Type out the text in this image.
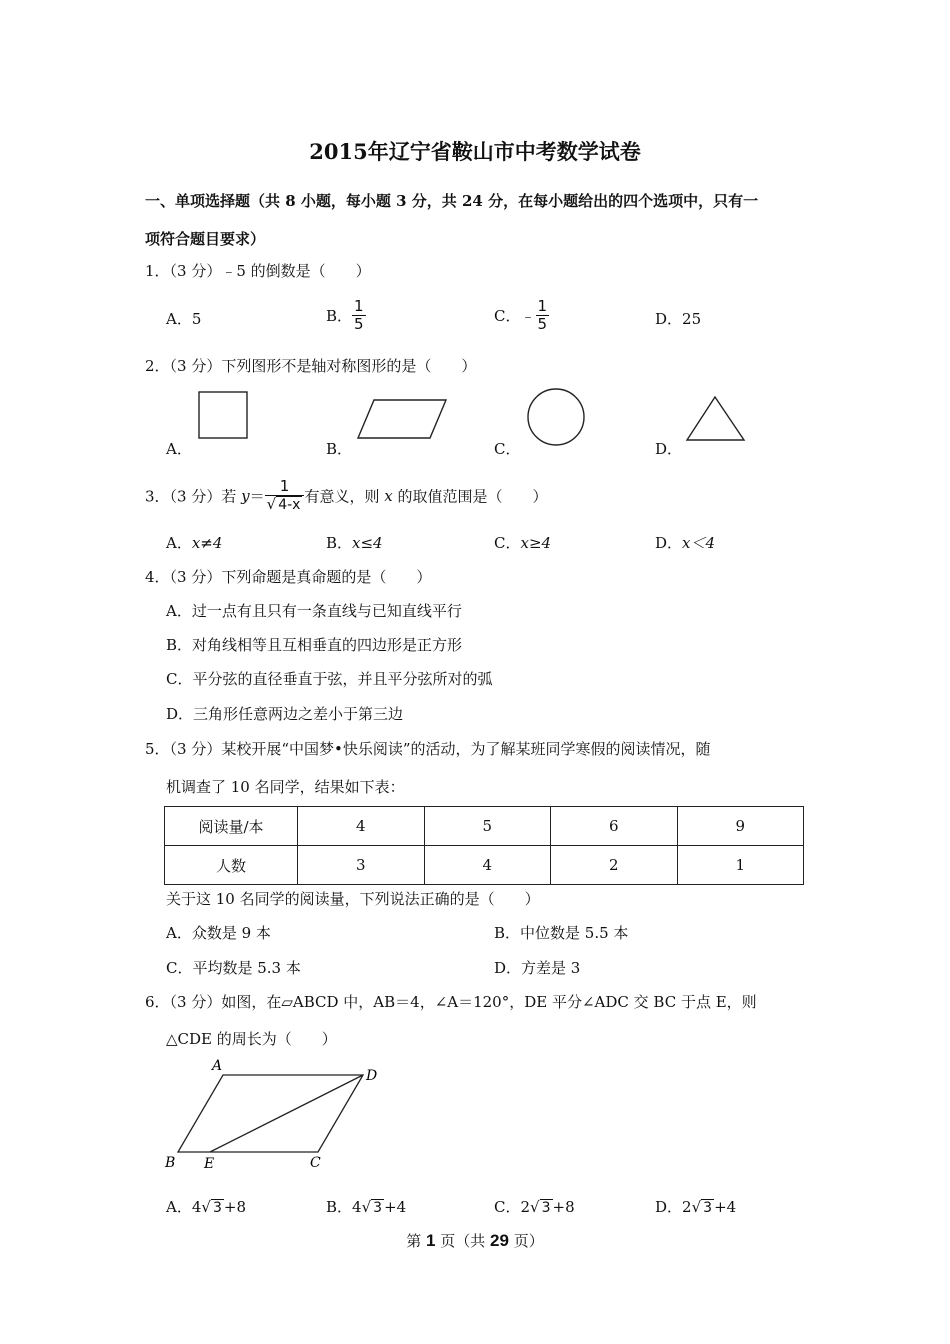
2015年辽宁省鞍山市中考数学试卷
一、单项选择题（共 8 小题，每小题 3 分，共 24 分，在每小题给出的四个选项中，只有一
项符合题目要求）
1．（3 分）﹣5 的倒数是（　　）
A．5	B． $\frac{1}{5}$	C．﹣ $\frac{1}{5}$	D．25
2．（3 分）下列图形不是轴对称图形的是（　　）
A．	B．	C．	D．
3．（3 分）若 $y= \frac{1}{√ 4-x}$ 有意义，则 x 的取值范围是（　　）
A．x≠4	B．x≤4	C．x≥4	D．x＜4
4．（3 分）下列命题是真命题的是（　　）
A．过一点有且只有一条直线与已知直线平行
B．对角线相等且互相垂直的四边形是正方形
C．平分弦的直径垂直于弦，并且平分弦所对的弧
D．三角形任意两边之差小于第三边
5．（3 分）某校开展“中国梦•快乐阅读”的活动，为了解某班同学寒假的阅读情况，随
机调查了 10 名同学，结果如下表：
阅读量/本	4	5	6	9
人数	3	4	2	1
关于这 10 名同学的阅读量，下列说法正确的是（　　）
A．众数是 9 本	B．中位数是 5.5 本
C．平均数是 5.3 本	D．方差是 3
6．（3 分）如图，在▱ABCD 中，AB＝4，∠A＝120°，DE 平分∠ADC 交 BC 于点 E，则
△CDE 的周长为（　　）
A
D
B E	C
A．4√ 3 +8	B．4√ 3 +4	C．2√ 3 +8	D．2√ 3 +4
第 1 页（共 29 页）
